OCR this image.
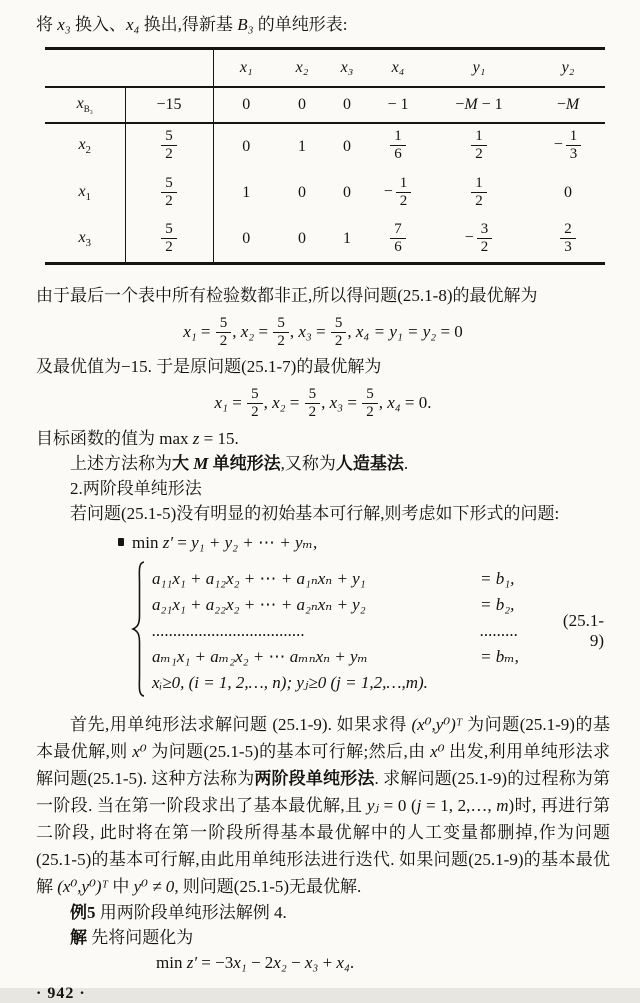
将 x₃ 换入、x₄ 换出,得新基 B₃ 的单纯形表:

		x₁	x₂	x₃	x₄	y₁	y₂
$x_{B_3}$	−15	0	0	0	− 1	−M − 1	−M
$x_2$	$\frac{5}{2}$	0	1	0	$\frac{1}{6}$	$\frac{1}{2}$	− $\frac{1}{3}$

$x_1$	$\frac{5}{2}$	1	0	0	− $\frac{1}{2}$	$\frac{1}{2}$	0
$x_3$	$\frac{5}{2}$	0	0	1	$\frac{7}{6}$	− $\frac{3}{2}$	$\frac{2}{3}$

由于最后一个表中所有检验数都非正,所以得问题(25.1-8)的最优解为

$x_1 = \frac{5}{2}$ , $x_2 = \frac{5}{2}$ , $x_3 = \frac{5}{2}$ , x₄ = y₁ = y₂ = 0

及最优值为−15. 于是原问题(25.1-7)的最优解为

$x_1 = \frac{5}{2}$ , $x_2 = \frac{5}{2}$ , $x_3 = \frac{5}{2}$ , x₄ = 0.

目标函数的值为 max z = 15.

上述方法称为大 M 单纯形法,又称为人造基法.

2.两阶段单纯形法

若问题(25.1-5)没有明显的初始基本可行解,则考虑如下形式的问题:

min z′ = y₁ + y₂ + ⋯ + yₘ,
a₁₁x₁ + a₁₂x₂ + ⋯ + a₁ₙxₙ + y₁	= b₁,
a₂₁x₁ + a₂₂x₂ + ⋯ + a₂ₙxₙ + y₂	= b₂,
....................................	.........
aₘ₁x₁ + aₘ₂x₂ + ⋯ aₘₙxₙ + yₘ	= bₘ,
xᵢ≥0, (i = 1, 2,…, n); yⱼ≥0 (j = 1,2,…,m).
(25.1-9)

首先,用单纯形法求解问题 (25.1-9). 如果求得 (x⁰,y⁰)ᵀ 为问题(25.1-9)的基本最优解,则 x⁰ 为问题(25.1-5)的基本可行解;然后,由 x⁰ 出发,利用单纯形法求解问题(25.1-5). 这种方法称为两阶段单纯形法. 求解问题(25.1-9)的过程称为第一阶段. 当在第一阶段求出了基本最优解,且 yⱼ = 0 (j = 1, 2,…, m)时, 再进行第二阶段, 此时将在第一阶段所得基本最优解中的人工变量都删掉,作为问题(25.1-5)的基本可行解,由此用单纯形法进行迭代. 如果问题(25.1-9)的基本最优解 (x⁰,y⁰)ᵀ 中 y⁰ ≠ 0, 则问题(25.1-5)无最优解.

例5 用两阶段单纯形法解例 4.

解 先将问题化为

min z′ = −3x₁ − 2x₂ − x₃ + x₄.

· 942 ·
